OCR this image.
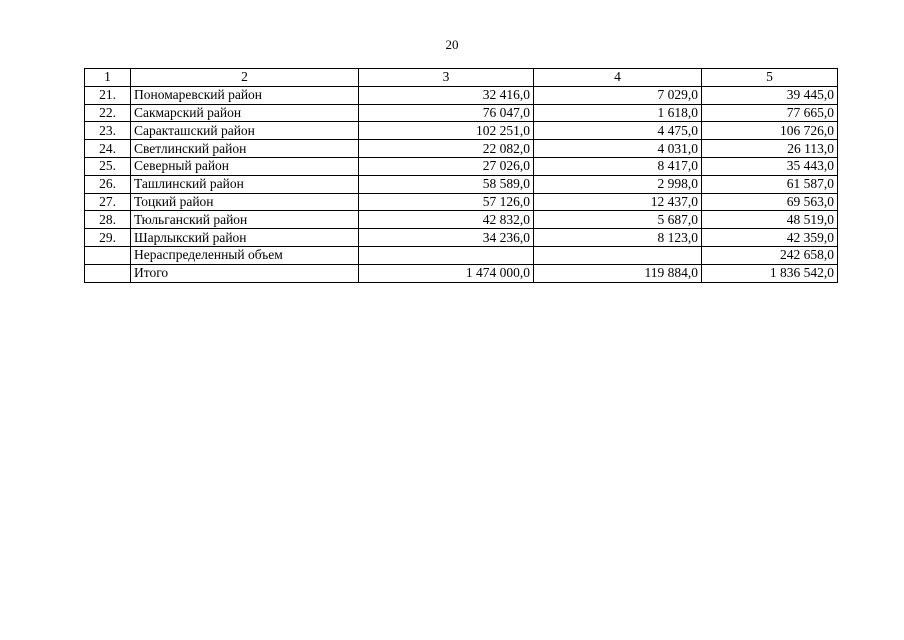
20
1	2	3	4	5
21.	Пономаревский район	32 416,0	7 029,0	39 445,0
22.	Сакмарский район	76 047,0	1 618,0	77 665,0
23.	Саракташский район	102 251,0	4 475,0	106 726,0
24.	Светлинский район	22 082,0	4 031,0	26 113,0
25.	Северный район	27 026,0	8 417,0	35 443,0
26.	Ташлинский район	58 589,0	2 998,0	61 587,0
27.	Тоцкий район	57 126,0	12 437,0	69 563,0
28.	Тюльганский район	42 832,0	5 687,0	48 519,0
29.	Шарлыкский район	34 236,0	8 123,0	42 359,0
	Нераспределенный объем			242 658,0
	Итого	1 474 000,0	119 884,0	1 836 542,0
